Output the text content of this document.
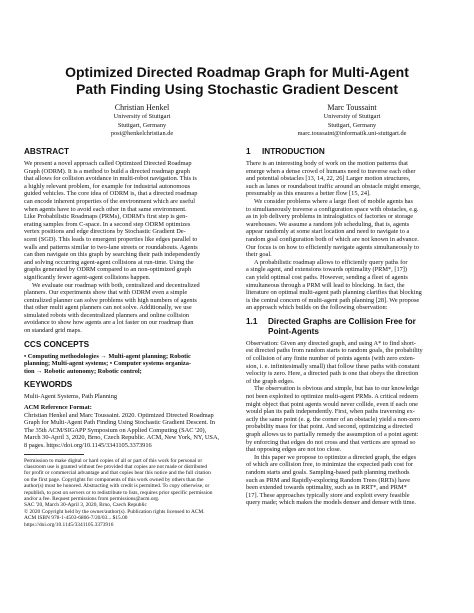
Optimized Directed Roadmap Graph for Multi-Agent
Path Finding Using Stochastic Gradient Descent
Christian Henkel
University of Stuttgart
Stuttgart, Germany
post@henkelchristian.de
Marc Toussaint
University of Stuttgart
Stuttgart, Germany
marc.toussaint@informatik.uni-stuttgart.de
ABSTRACT
We present a novel approach called Optimized Directed Roadmap
Graph (ODRM). It is a method to build a directed roadmap graph
that allows for collision avoidance in multi-robot navigation. This is
a highly relevant problem, for example for industrial autonomous
guided vehicles. The core idea of ODRM is, that a directed roadmap
can encode inherent properties of the environment which are useful
when agents have to avoid each other in that same environment.
Like Probabilistic Roadmaps (PRMs), ODRM's first step is gen-
erating samples from C-space. In a second step ODRM optimizes
vertex positions and edge directions by Stochastic Gradient De-
scent (SGD). This leads to emergent properties like edges parallel to
walls and patterns similar to two-lane streets or roundabouts. Agents
can then navigate on this graph by searching their path independently
and solving occurring agent-agent collisions at run-time. Using the
graphs generated by ODRM compared to an non-optimized graph
significantly fewer agent-agent collisions happen.
We evaluate our roadmap with both, centralized and decentralized
planners. Our experiments show that with ODRM even a simple
centralized planner can solve problems with high numbers of agents
that other multi agent planners can not solve. Additionally, we use
simulated robots with decentralized planners and online collision
avoidance to show how agents are a lot faster on our roadmap than
on standard grid maps.
CCS CONCEPTS
• Computing methodologies → Multi-agent planning; Robotic
planning; Multi-agent systems; • Computer systems organiza-
tion → Robotic autonomy; Robotic control;
KEYWORDS
Multi-Agent Systems, Path Planning
ACM Reference Format:
Christian Henkel and Marc Toussaint. 2020. Optimized Directed Roadmap
Graph for Multi-Agent Path Finding Using Stochastic Gradient Descent. In
The 35th ACM/SIGAPP Symposium on Applied Computing (SAC '20),
March 30-April 3, 2020, Brno, Czech Republic. ACM, New York, NY, USA,
8 pages. https://doi.org/10.1145/3341105.3373916
Permission to make digital or hard copies of all or part of this work for personal or
classroom use is granted without fee provided that copies are not made or distributed
for profit or commercial advantage and that copies bear this notice and the full citation
on the first page. Copyrights for components of this work owned by others than the
author(s) must be honored. Abstracting with credit is permitted. To copy otherwise, or
republish, to post on servers or to redistribute to lists, requires prior specific permission
and/or a fee. Request permissions from permissions@acm.org.
SAC '20, March 30-April 3, 2020, Brno, Czech Republic
© 2020 Copyright held by the owner/author(s). Publication rights licensed to ACM.
ACM ISBN 978-1-4503-6866-7/20/03... $15.00
https://doi.org/10.1145/3341105.3373916
1 INTRODUCTION
There is an interesting body of work on the motion patterns that
emerge when a dense crowd of humans need to traverse each other
and potential obstacles [13, 14, 22, 26] Larger motion structures,
such as lanes or roundabout traffic around an obstacle might emerge,
presumably as this ensures a better flow [15, 24].
We consider problems where a large fleet of mobile agents has
to simultaneously traverse a configuration space with obstacles, e.g.
as in job delivery problems in intralogistics of factories or storage
warehouses. We assume a random job scheduling, that is, agents
appear randomly at some start location and need to navigate to a
random goal configuration both of which are not known in advance.
Our focus is on how to efficiently navigate agents simultaneously to
their goal.
A probabilistic roadmap allows to efficiently query paths for
a single agent, and extensions towards optimality (PRM*, [17])
can yield optimal cost paths. However, sending a fleet of agents
simultaneous through a PRM will lead to blocking. In fact, the
literature on optimal multi-agent path planning clarifies that blocking
is the central concern of multi-agent path planning [28]. We propose
an approach which builds on the following observation:
1.1	Directed Graphs are Collision Free for
Point-Agents
Observation: Given any directed graph, and using A* to find short-
est directed paths from random starts to random goals, the probability
of collision of any finite number of points agents (with zero exten-
sion, i. e. infinitesimally small) that follow these paths with constant
velocity is zero. Here, a directed path is one that obeys the direction
of the graph edges.
The observation is obvious and simple, but has to our knowledge
not been exploited to optimize multi-agent PRMs. A critical redeem
might object that point agents would never collide, even if each one
would plan its path independently. First, when paths traversing ex-
actly the same point (e. g. the corner of an obstacle) yield a non-zero
probability mass for that point. And second, optimizing a directed
graph allows us to partially remedy the assumption of a point agent:
by enforcing that edges do not cross and that vertices are spread so
that opposing edges are not too close.
In this paper we propose to optimize a directed graph, the edges
of which are collision free, to minimize the expected path cost for
random starts and goals. Sampling-based path planning methods
such as PRM and Rapidly-exploring Random Trees (RRTs) have
been extended towards optimality, such as in RRT*, and PRM*
[17]. These approaches typically store and exploit every feasible
query made; which makes the models denser and denser with time.
